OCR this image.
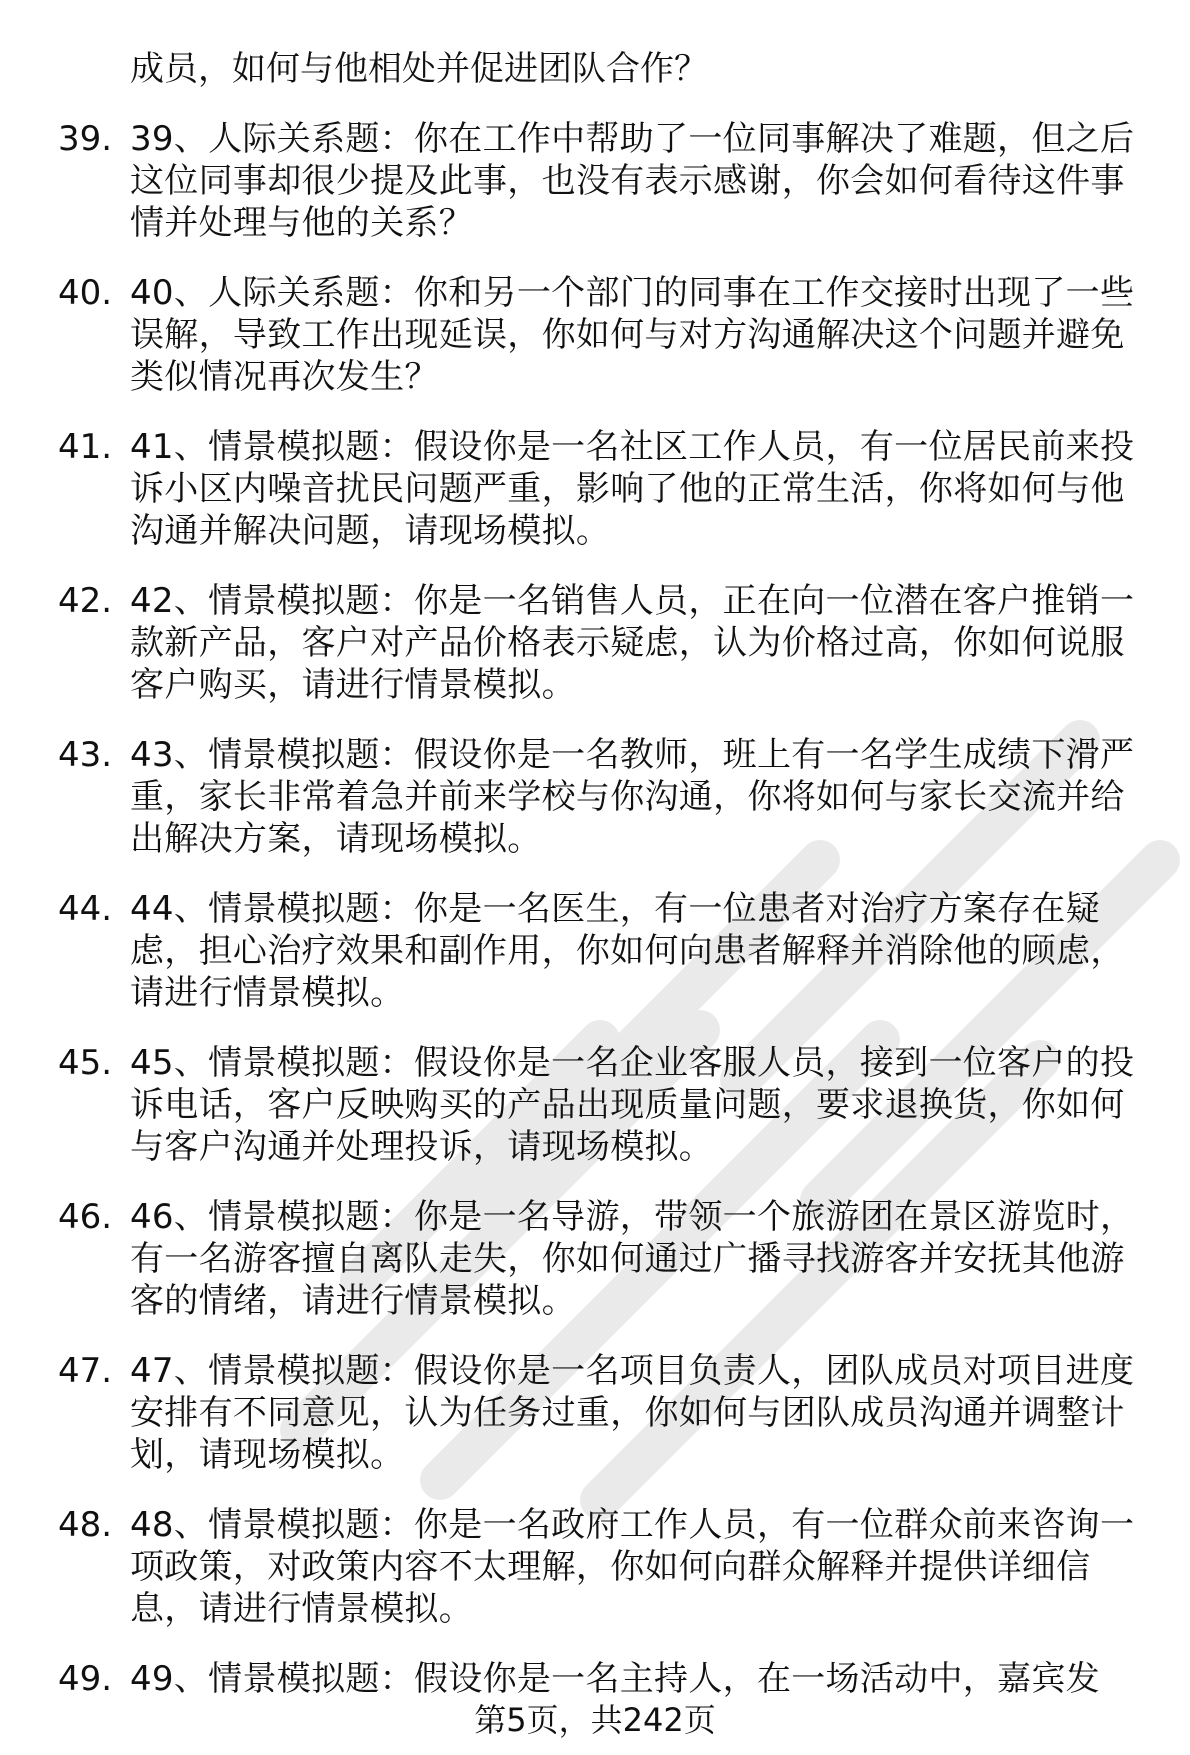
成员，如何与他相处并促进团队合作？
39. 39、人际关系题：你在工作中帮助了一位同事解决了难题，但之后这位同事却很少提及此事，也没有表示感谢，你会如何看待这件事情并处理与他的关系？
40. 40、人际关系题：你和另一个部门的同事在工作交接时出现了一些误解，导致工作出现延误，你如何与对方沟通解决这个问题并避免类似情况再次发生？
41. 41、情景模拟题：假设你是一名社区工作人员，有一位居民前来投诉小区内噪音扰民问题严重，影响了他的正常生活，你将如何与他沟通并解决问题，请现场模拟。
42. 42、情景模拟题：你是一名销售人员，正在向一位潜在客户推销一款新产品，客户对产品价格表示疑虑，认为价格过高，你如何说服客户购买，请进行情景模拟。
43. 43、情景模拟题：假设你是一名教师，班上有一名学生成绩下滑严重，家长非常着急并前来学校与你沟通，你将如何与家长交流并给出解决方案，请现场模拟。
44. 44、情景模拟题：你是一名医生，有一位患者对治疗方案存在疑虑，担心治疗效果和副作用，你如何向患者解释并消除他的顾虑，请进行情景模拟。
45. 45、情景模拟题：假设你是一名企业客服人员，接到一位客户的投诉电话，客户反映购买的产品出现质量问题，要求退换货，你如何与客户沟通并处理投诉，请现场模拟。
46. 46、情景模拟题：你是一名导游，带领一个旅游团在景区游览时，有一名游客擅自离队走失，你如何通过广播寻找游客并安抚其他游客的情绪，请进行情景模拟。
47. 47、情景模拟题：假设你是一名项目负责人，团队成员对项目进度安排有不同意见，认为任务过重，你如何与团队成员沟通并调整计划，请现场模拟。
48. 48、情景模拟题：你是一名政府工作人员，有一位群众前来咨询一项政策，对政策内容不太理解，你如何向群众解释并提供详细信息，请进行情景模拟。
49. 49、情景模拟题：假设你是一名主持人，在一场活动中，嘉宾发
第5页，共242页
